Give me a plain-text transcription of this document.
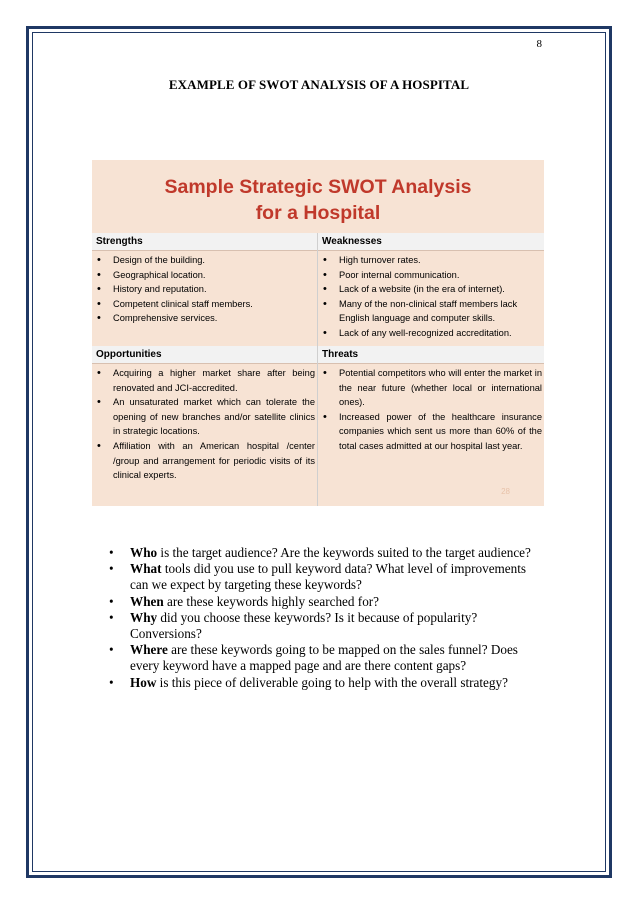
8
EXAMPLE OF SWOT ANALYSIS OF A HOSPITAL
Sample Strategic SWOT Analysis
for a Hospital
Strengths	Weaknesses
• Design of the building.
• Geographical location.
• History and reputation.
• Competent clinical staff members.
• Comprehensive services.
• High turnover rates.
• Poor internal communication.
• Lack of a website (in the era of internet).
• Many of the non-clinical staff members lack English language and computer skills.
• Lack of any well-recognized accreditation.
Opportunities	Threats
• Acquiring a higher market share after being renovated and JCI-accredited.
• An unsaturated market which can tolerate the opening of new branches and/or satellite clinics in strategic locations.
• Affiliation with an American hospital /center /group and arrangement for periodic visits of its clinical experts.
• Potential competitors who will enter the market in the near future (whether local or international ones).
• Increased power of the healthcare insurance companies which sent us more than 60% of the total cases admitted at our hospital last year.
28
• Who is the target audience? Are the keywords suited to the target audience?
• What tools did you use to pull keyword data? What level of improvements can we expect by targeting these keywords?
• When are these keywords highly searched for?
• Why did you choose these keywords? Is it because of popularity? Conversions?
• Where are these keywords going to be mapped on the sales funnel? Does every keyword have a mapped page and are there content gaps?
• How is this piece of deliverable going to help with the overall strategy?
